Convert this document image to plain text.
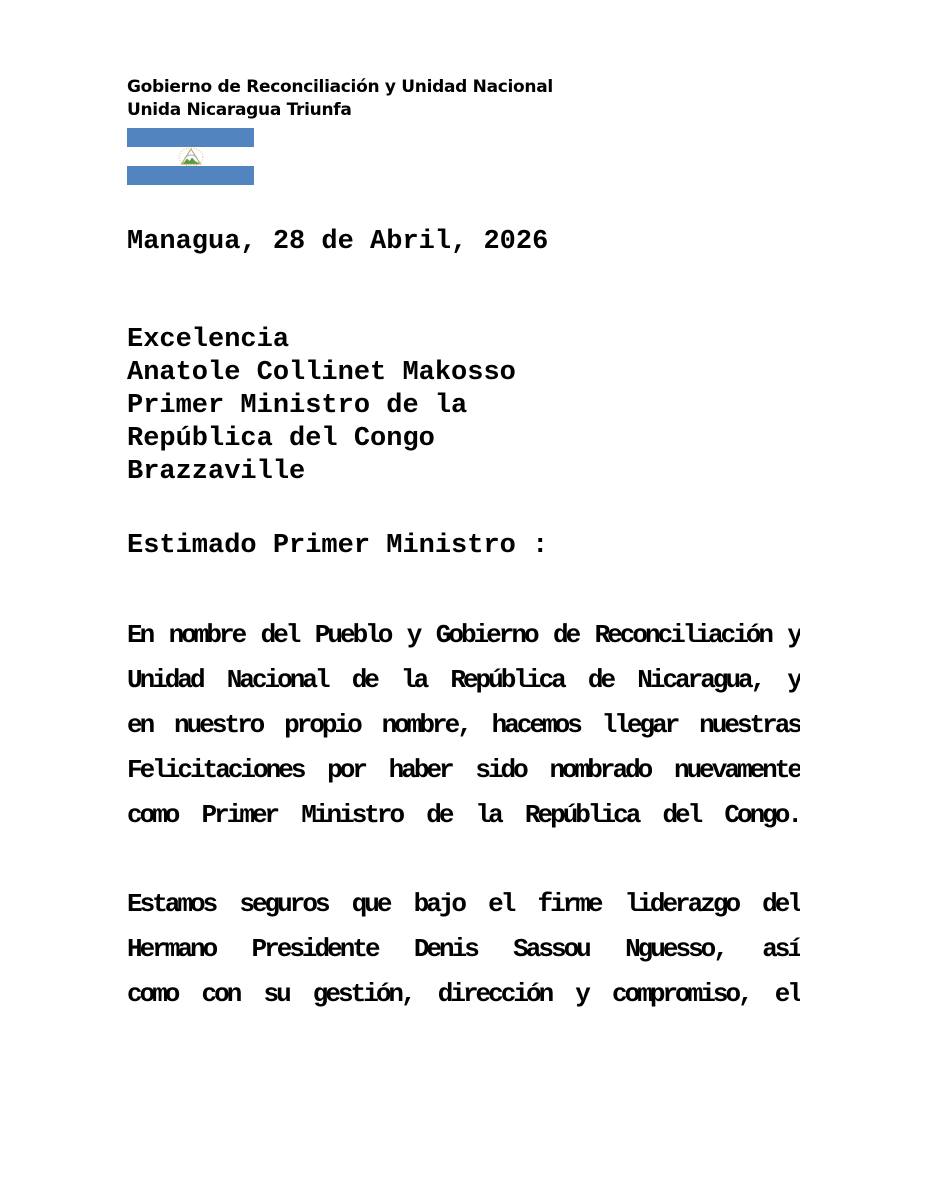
Gobierno de Reconciliación y Unidad Nacional
Unida Nicaragua Triunfa
Managua, 28 de Abril, 2026
Excelencia
Anatole Collinet Makosso
Primer Ministro de la
República del Congo
Brazzaville
Estimado Primer Ministro :
En nombre del Pueblo y Gobierno de Reconciliación y
Unidad Nacional de la República de Nicaragua, y
en nuestro propio nombre, hacemos llegar nuestras
Felicitaciones por haber sido nombrado nuevamente
como Primer Ministro de la República del Congo.
Estamos seguros que bajo el firme liderazgo del
Hermano Presidente Denis Sassou Nguesso, así
como con su gestión, dirección y compromiso, el
